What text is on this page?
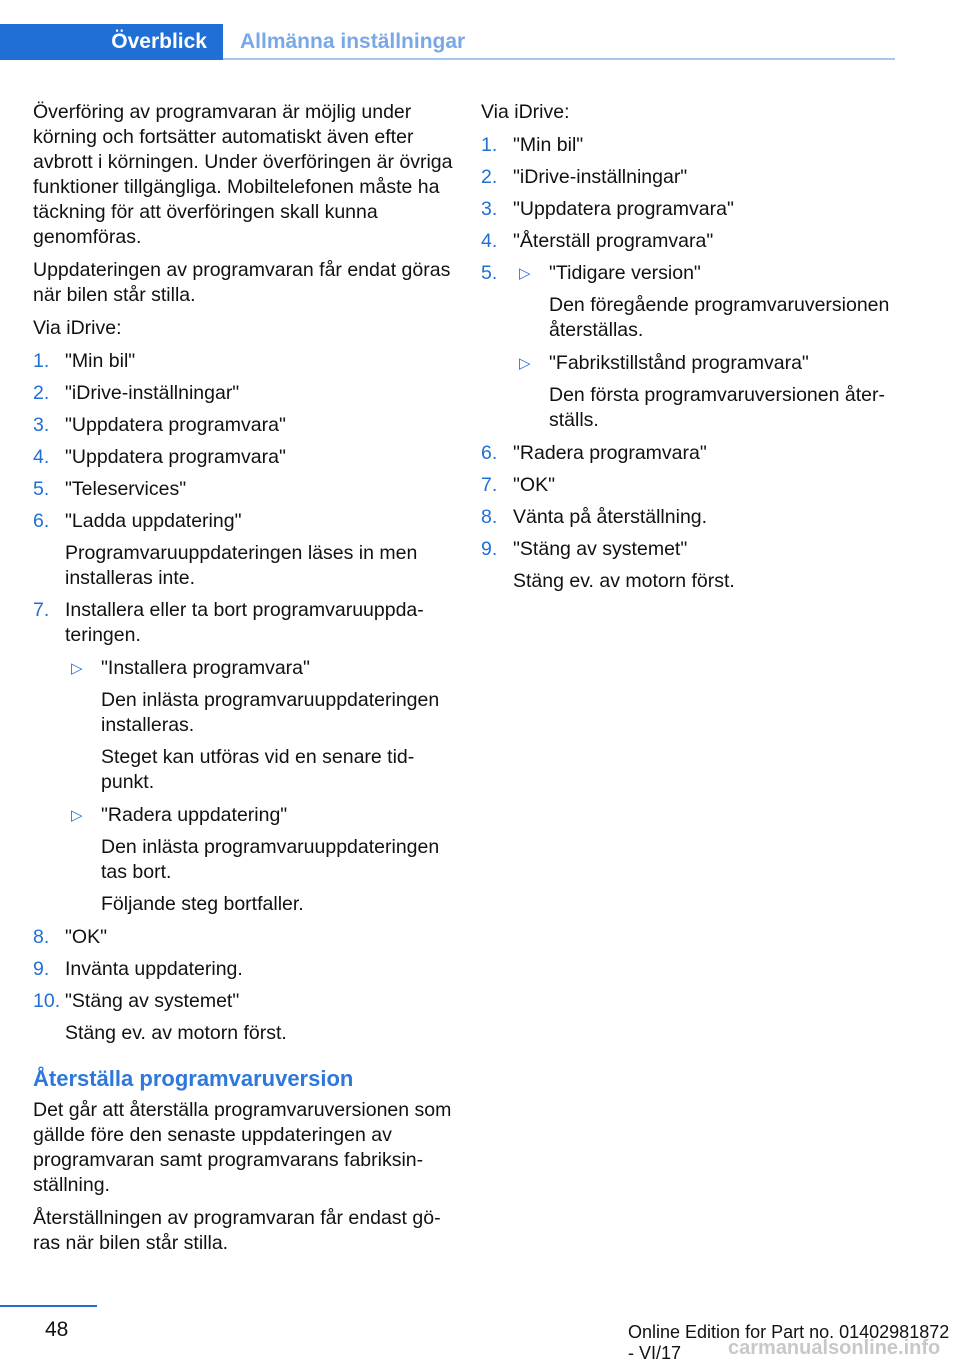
Överblick Allmänna inställningar

Överföring av programvaran är möjlig under körning och fortsätter automatiskt även efter avbrott i körningen. Under överföringen är övriga funktioner tillgängliga. Mobiltelefonen måste ha täckning för att överföringen skall kunna genomföras.

Uppdateringen av programvaran får endat göras när bilen står stilla.

Via iDrive:

1. "Min bil"
2. "iDrive-inställningar"
3. "Uppdatera programvara"
4. "Uppdatera programvara"
5. "Teleservices"
6. "Ladda uppdatering"
Programvaruuppdateringen läses in men installeras inte.
7. Installera eller ta bort programvaruuppdateringen.
▷ "Installera programvara"
Den inlästa programvaruuppdateringen installeras.
Steget kan utföras vid en senare tidpunkt.
▷ "Radera uppdatering"
Den inlästa programvaruuppdateringen tas bort.
Följande steg bortfaller.
8. "OK"
9. Invänta uppdatering.
10. "Stäng av systemet"
Stäng ev. av motorn först.
Återställa programvaruversion

Det går att återställa programvaruversionen som gällde före den senaste uppdateringen av programvaran samt programvarans fabriksinställning.

Återställningen av programvaran får endast göras när bilen står stilla.

Via iDrive:

1. "Min bil"
2. "iDrive-inställningar"
3. "Uppdatera programvara"
4. "Återställ programvara"
5. ▷ "Tidigare version"
Den föregående programvaruversionen återställas.
▷ "Fabrikstillstånd programvara"
Den första programvaruversionen återställs.
6. "Radera programvara"
7. "OK"
8. Vänta på återställning.
9. "Stäng av systemet"
Stäng ev. av motorn först.
48	Online Edition for Part no. 01402981872 - VI/17	carmanualsonline.info
